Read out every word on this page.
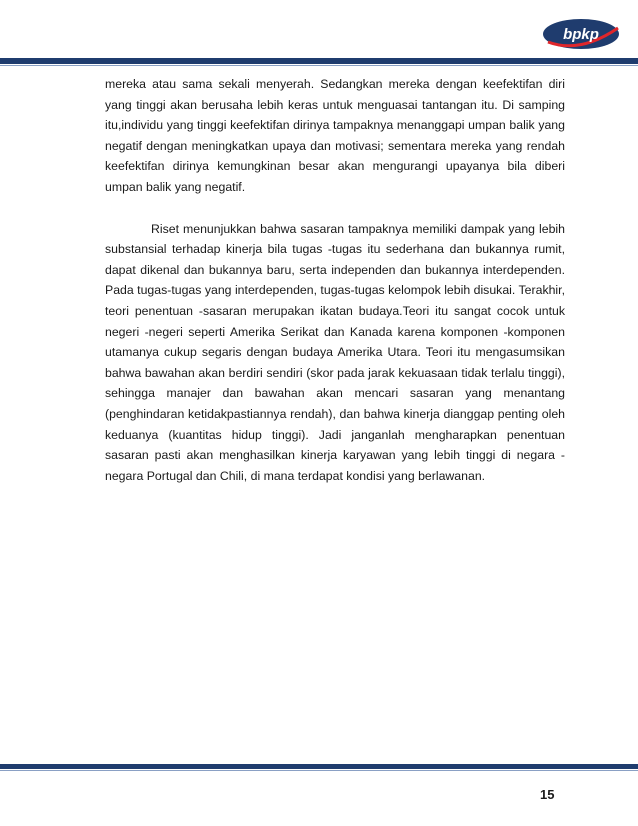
bpkp

mereka atau sama sekali menyerah. Sedangkan mereka dengan keefektifan diri yang tinggi akan berusaha lebih keras untuk menguasai tantangan itu. Di samping itu,individu yang tinggi keefektifan dirinya tampaknya menanggapi umpan balik yang negatif dengan meningkatkan upaya dan motivasi; sementara mereka yang rendah keefektifan dirinya kemungkinan besar akan mengurangi upayanya bila diberi umpan balik yang negatif.

Riset menunjukkan bahwa sasaran tampaknya memiliki dampak yang lebih substansial terhadap kinerja bila tugas -tugas itu sederhana dan bukannya rumit, dapat dikenal dan bukannya baru, serta independen dan bukannya interdependen. Pada tugas-tugas yang interdependen, tugas-tugas kelompok lebih disukai. Terakhir, teori penentuan -sasaran merupakan ikatan budaya.Teori itu sangat cocok untuk negeri -negeri seperti Amerika Serikat dan Kanada karena komponen -komponen utamanya cukup segaris dengan budaya Amerika Utara. Teori itu mengasumsikan bahwa bawahan akan berdiri sendiri (skor pada jarak kekuasaan tidak terlalu tinggi), sehingga manajer dan bawahan akan mencari sasaran yang menantang (penghindaran ketidakpastiannya rendah), dan bahwa kinerja dianggap penting oleh keduanya (kuantitas hidup tinggi). Jadi janganlah mengharapkan penentuan sasaran pasti akan menghasilkan kinerja karyawan yang lebih tinggi di negara -negara Portugal dan Chili, di mana terdapat kondisi yang berlawanan.

15
